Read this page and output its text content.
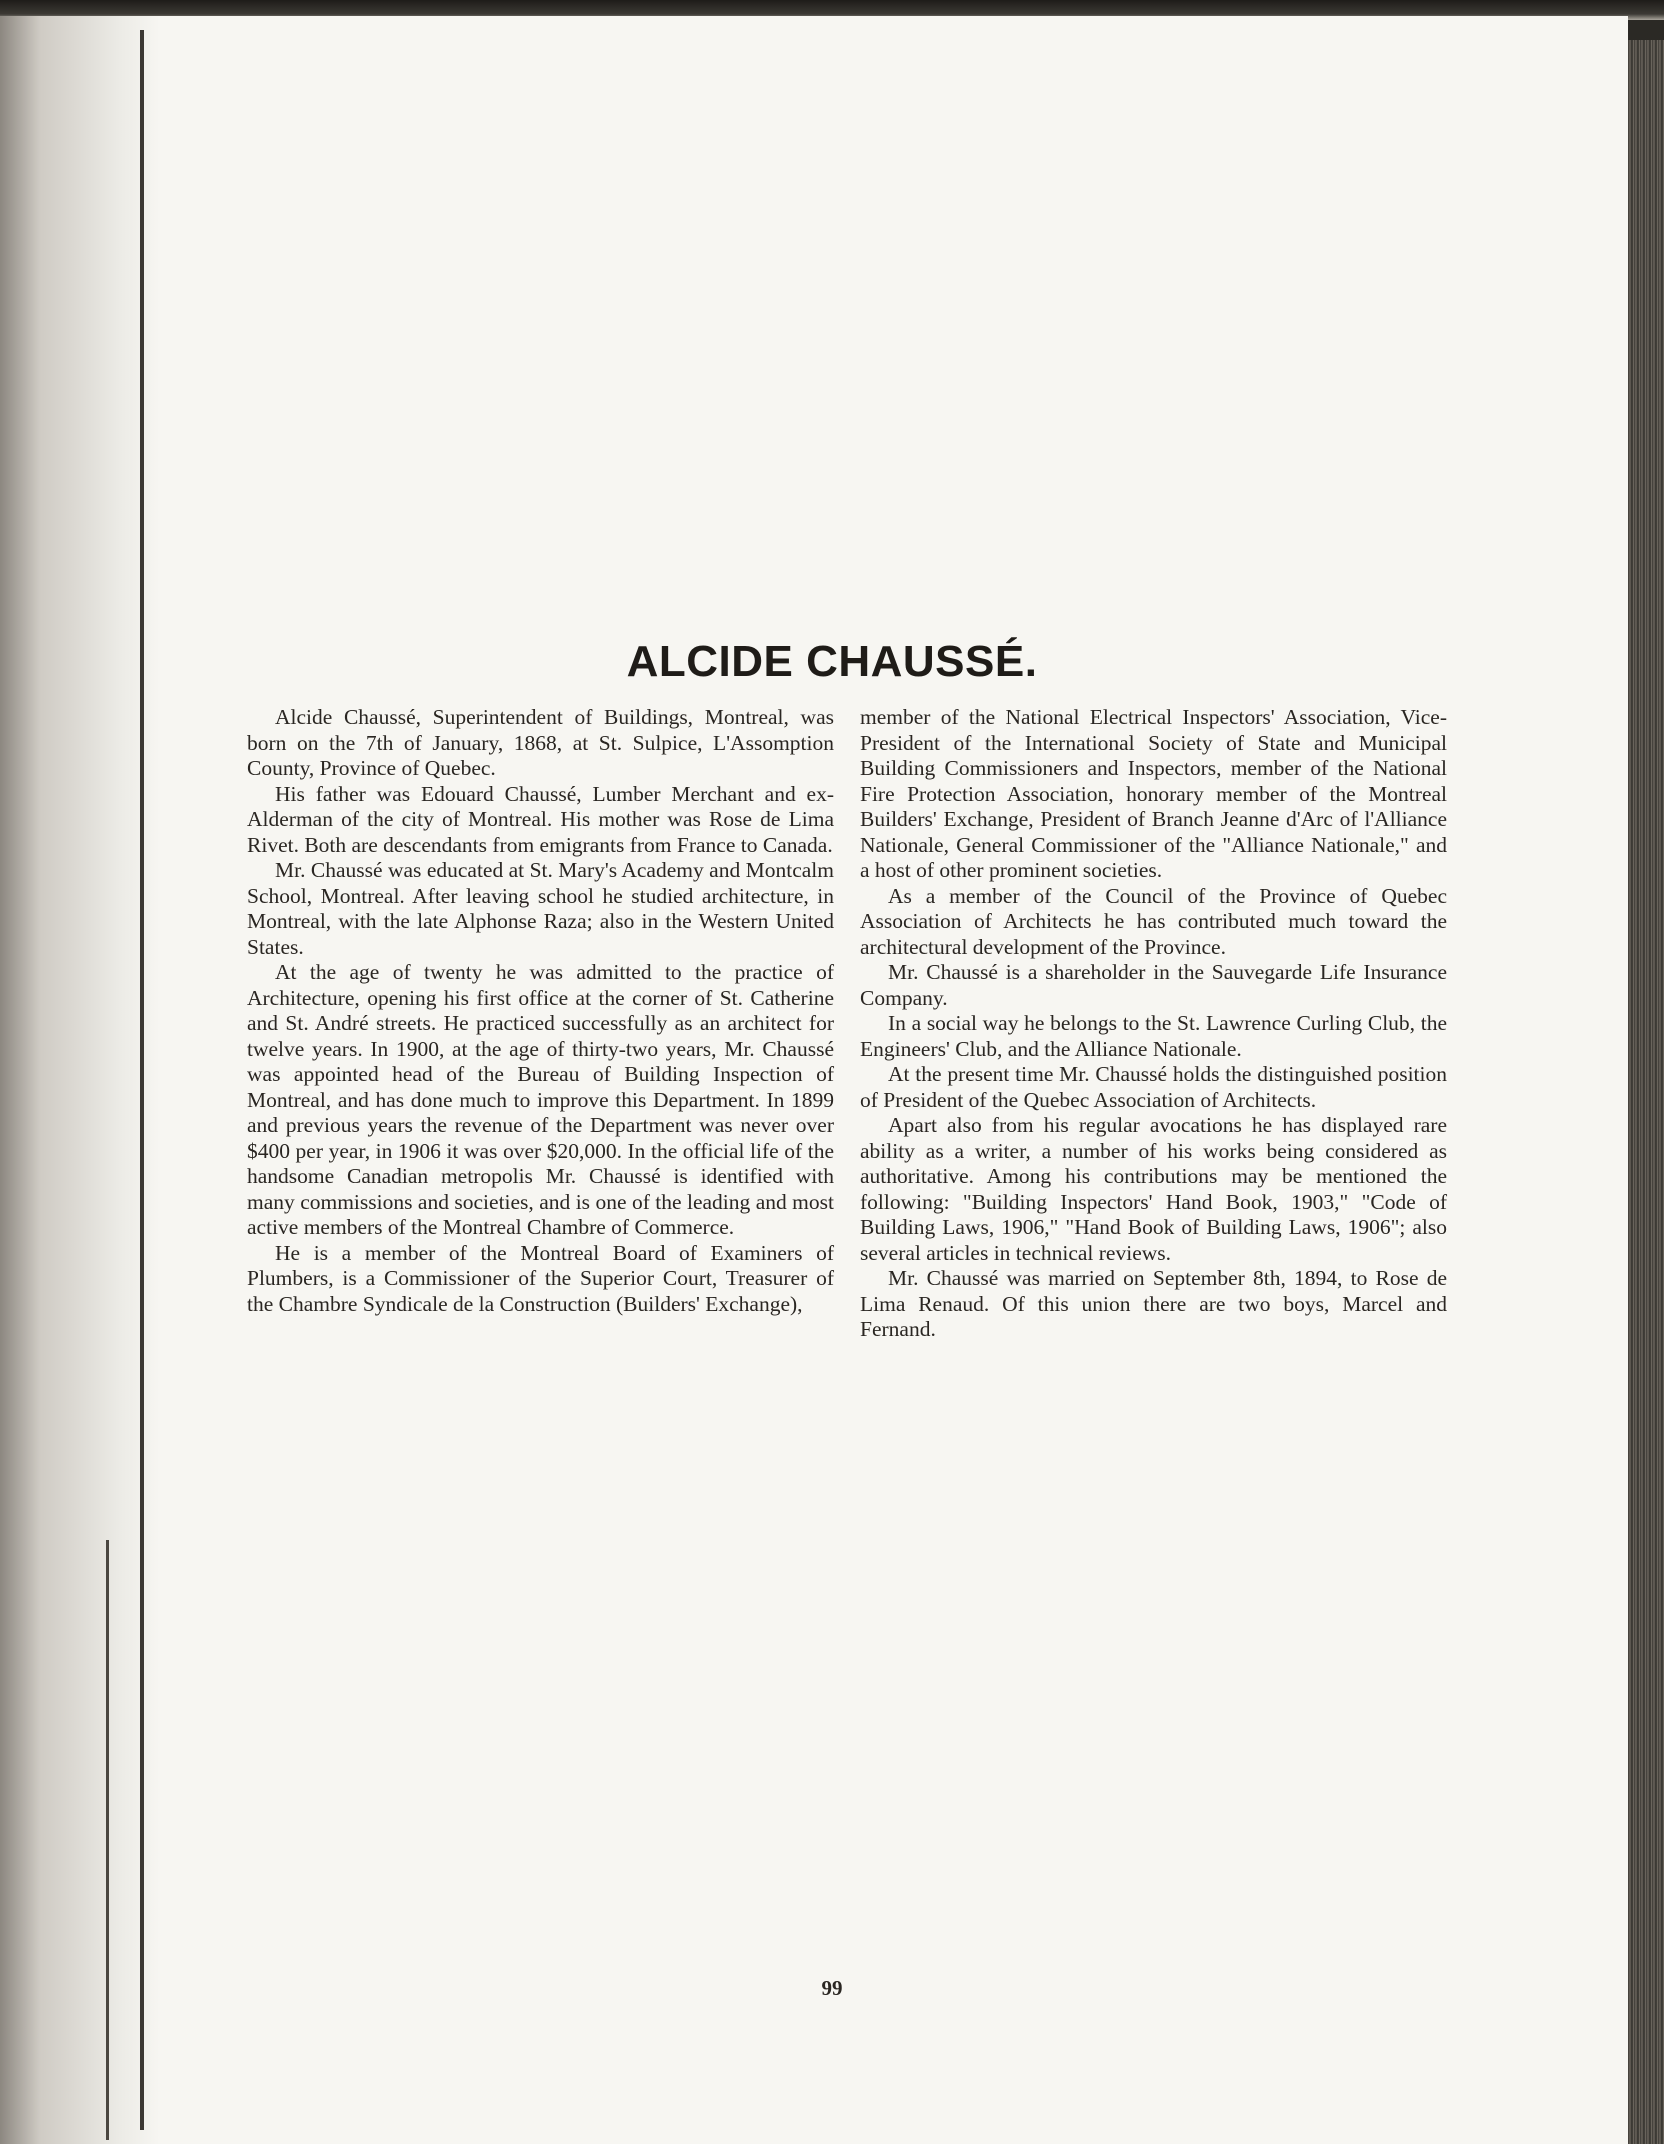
ALCIDE CHAUSSÉ.

Alcide Chaussé, Superintendent of Buildings, Montreal, was born on the 7th of January, 1868, at St. Sulpice, L'Assomption County, Province of Quebec.

His father was Edouard Chaussé, Lumber Merchant and ex-Alderman of the city of Montreal. His mother was Rose de Lima Rivet. Both are descendants from emigrants from France to Canada.

Mr. Chaussé was educated at St. Mary's Academy and Montcalm School, Montreal. After leaving school he studied architecture, in Montreal, with the late Alphonse Raza; also in the Western United States.

At the age of twenty he was admitted to the practice of Architecture, opening his first office at the corner of St. Catherine and St. André streets. He practiced successfully as an architect for twelve years. In 1900, at the age of thirty-two years, Mr. Chaussé was appointed head of the Bureau of Building Inspection of Montreal, and has done much to improve this Department. In 1899 and previous years the revenue of the Department was never over $400 per year, in 1906 it was over $20,000. In the official life of the handsome Canadian metropolis Mr. Chaussé is identified with many commissions and societies, and is one of the leading and most active members of the Montreal Chambre of Commerce.

He is a member of the Montreal Board of Examiners of Plumbers, is a Commissioner of the Superior Court, Treasurer of the Chambre Syndicale de la Construction (Builders' Exchange),

member of the National Electrical Inspectors' Association, Vice-President of the International Society of State and Municipal Building Commissioners and Inspectors, member of the National Fire Protection Association, honorary member of the Montreal Builders' Exchange, President of Branch Jeanne d'Arc of l'Alliance Nationale, General Commissioner of the "Alliance Nationale," and a host of other prominent societies.

As a member of the Council of the Province of Quebec Association of Architects he has contributed much toward the architectural development of the Province.

Mr. Chaussé is a shareholder in the Sauvegarde Life Insurance Company.

In a social way he belongs to the St. Lawrence Curling Club, the Engineers' Club, and the Alliance Nationale.

At the present time Mr. Chaussé holds the distinguished position of President of the Quebec Association of Architects.

Apart also from his regular avocations he has displayed rare ability as a writer, a number of his works being considered as authoritative. Among his contributions may be mentioned the following: "Building Inspectors' Hand Book, 1903," "Code of Building Laws, 1906," "Hand Book of Building Laws, 1906"; also several articles in technical reviews.

Mr. Chaussé was married on September 8th, 1894, to Rose de Lima Renaud. Of this union there are two boys, Marcel and Fernand.

99
